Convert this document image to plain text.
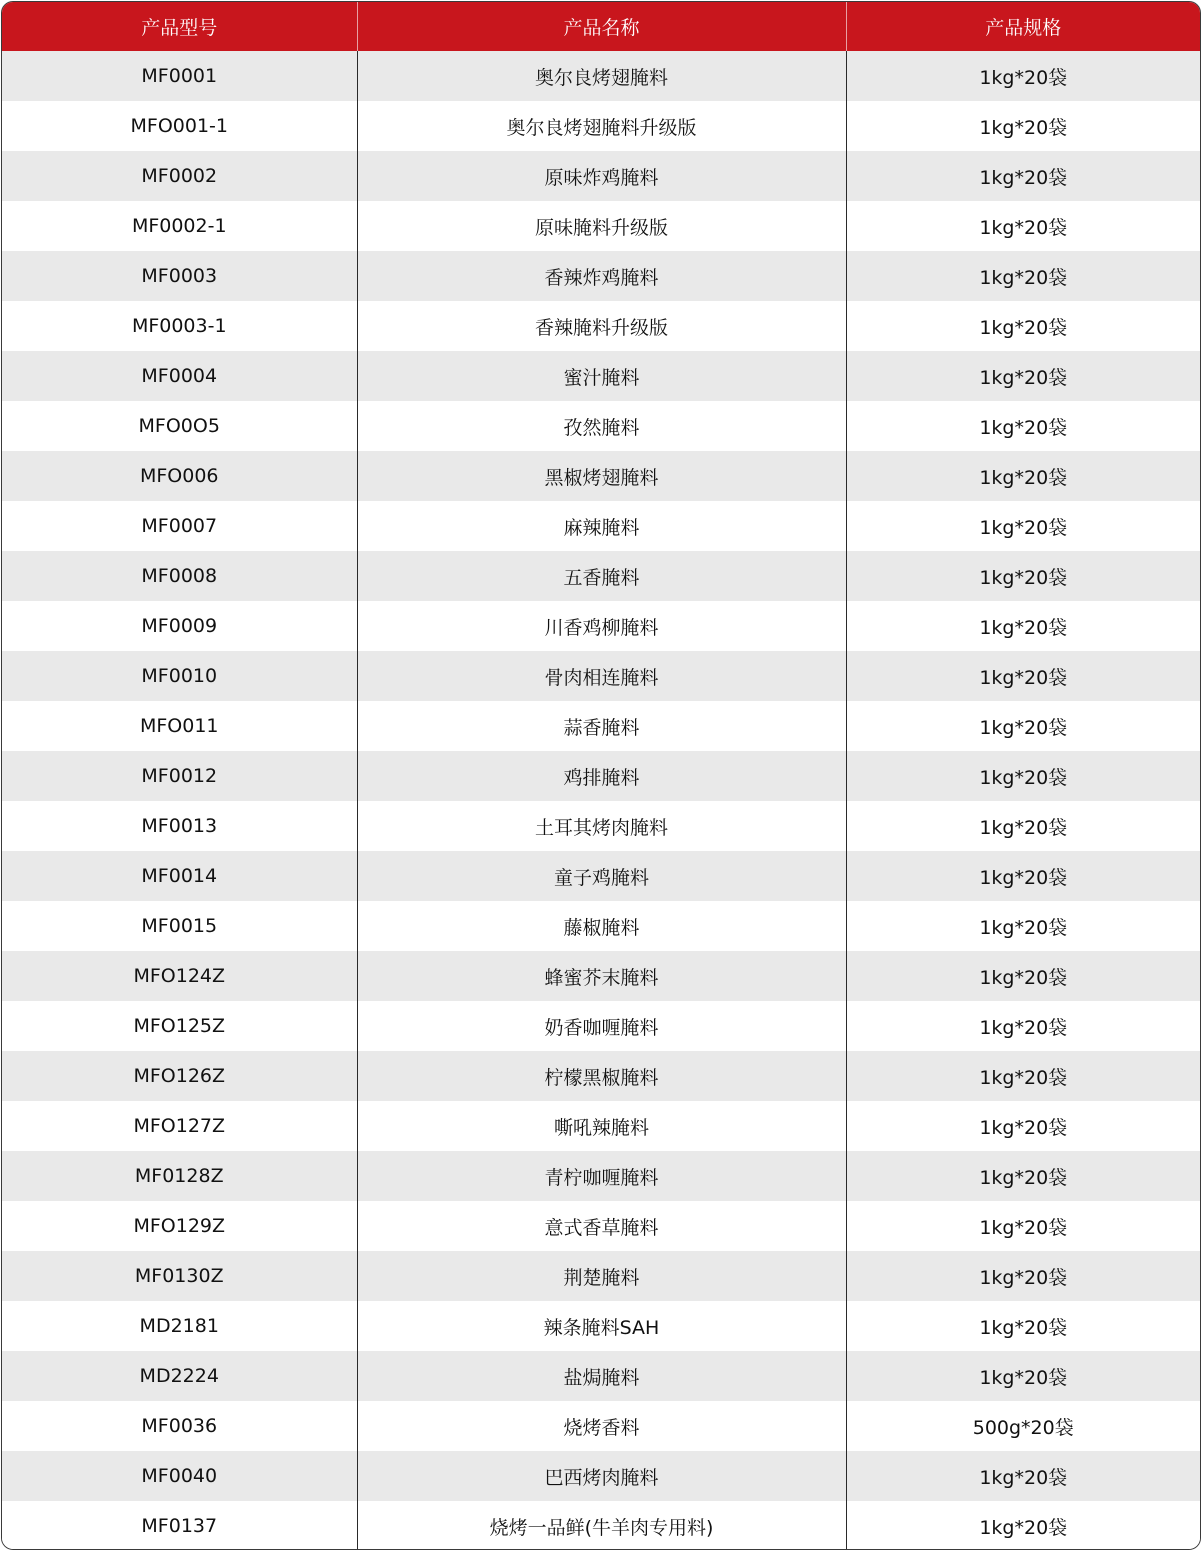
产品型号	产品名称	产品规格
MF0001	奥尔良烤翅腌料	1kg*20袋
MFO001-1	奥尔良烤翅腌料升级版	1kg*20袋
MF0002	原味炸鸡腌料	1kg*20袋
MF0002-1	原味腌料升级版	1kg*20袋
MF0003	香辣炸鸡腌料	1kg*20袋
MF0003-1	香辣腌料升级版	1kg*20袋
MF0004	蜜汁腌料	1kg*20袋
MFO0O5	孜然腌料	1kg*20袋
MFO006	黑椒烤翅腌料	1kg*20袋
MF0007	麻辣腌料	1kg*20袋
MF0008	五香腌料	1kg*20袋
MF0009	川香鸡柳腌料	1kg*20袋
MF0010	骨肉相连腌料	1kg*20袋
MFO011	蒜香腌料	1kg*20袋
MF0012	鸡排腌料	1kg*20袋
MF0013	土耳其烤肉腌料	1kg*20袋
MF0014	童子鸡腌料	1kg*20袋
MF0015	藤椒腌料	1kg*20袋
MFO124Z	蜂蜜芥末腌料	1kg*20袋
MFO125Z	奶香咖喱腌料	1kg*20袋
MFO126Z	柠檬黑椒腌料	1kg*20袋
MFO127Z	嘶吼辣腌料	1kg*20袋
MF0128Z	青柠咖喱腌料	1kg*20袋
MFO129Z	意式香草腌料	1kg*20袋
MF0130Z	荆楚腌料	1kg*20袋
MD2181	辣条腌料SAH	1kg*20袋
MD2224	盐焗腌料	1kg*20袋
MF0036	烧烤香料	500g*20袋
MF0040	巴西烤肉腌料	1kg*20袋
MF0137	烧烤一品鲜(牛羊肉专用料)	1kg*20袋
